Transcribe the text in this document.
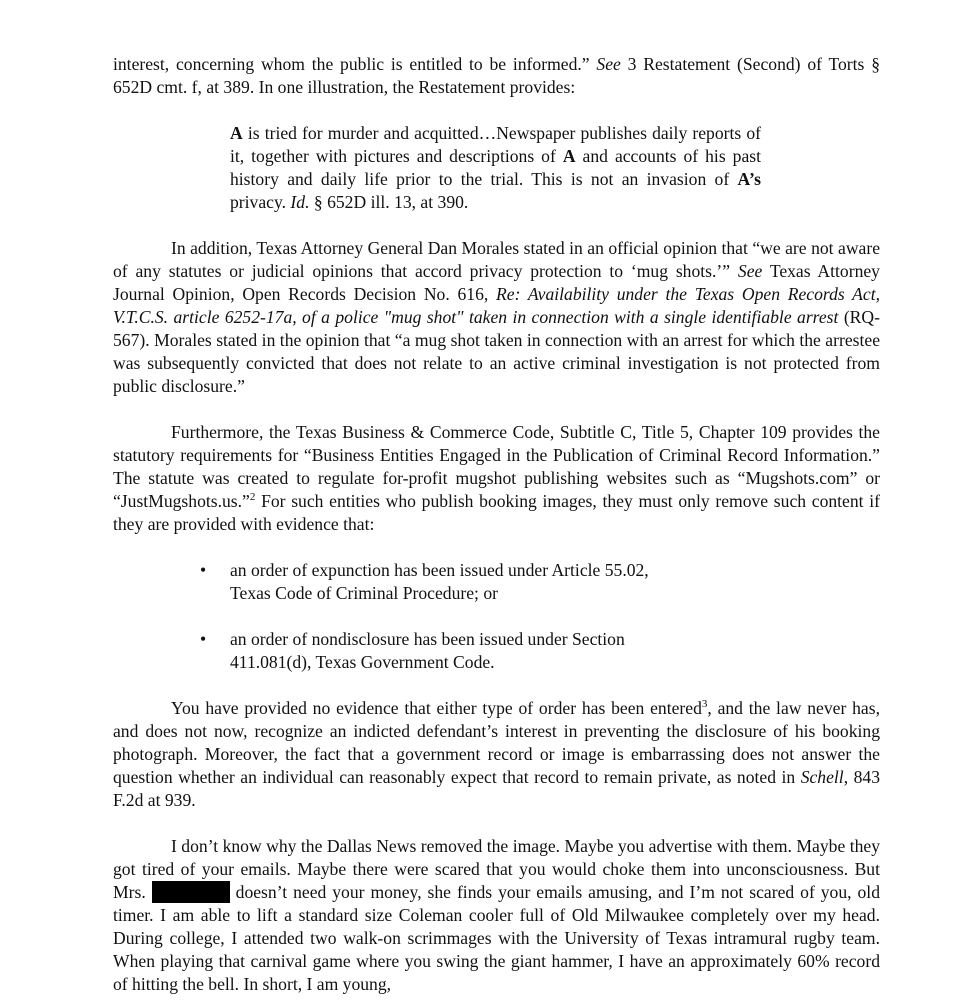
interest, concerning whom the public is entitled to be informed.” See 3 Restatement (Second) of Torts § 652D cmt. f, at 389. In one illustration, the Restatement provides:

A is tried for murder and acquitted…Newspaper publishes daily reports of it, together with pictures and descriptions of A and accounts of his past history and daily life prior to the trial. This is not an invasion of A’s privacy. Id. § 652D ill. 13, at 390.

In addition, Texas Attorney General Dan Morales stated in an official opinion that “we are not aware of any statutes or judicial opinions that accord privacy protection to ‘mug shots.’” See Texas Attorney Journal Opinion, Open Records Decision No. 616, Re: Availability under the Texas Open Records Act, V.T.C.S. article 6252-17a, of a police "mug shot" taken in connection with a single identifiable arrest (RQ-567). Morales stated in the opinion that “a mug shot taken in connection with an arrest for which the arrestee was subsequently convicted that does not relate to an active criminal investigation is not protected from public disclosure.”

Furthermore, the Texas Business & Commerce Code, Subtitle C, Title 5, Chapter 109 provides the statutory requirements for “Business Entities Engaged in the Publication of Criminal Record Information.” The statute was created to regulate for-profit mugshot publishing websites such as “Mugshots.com” or “JustMugshots.us.”$^2$ For such entities who publish booking images, they must only remove such content if they are provided with evidence that:

• an order of expunction has been issued under Article 55.02, Texas Code of Criminal Procedure; or
• an order of nondisclosure has been issued under Section 411.081(d), Texas Government Code.

You have provided no evidence that either type of order has been entered$^3$, and the law never has, and does not now, recognize an indicted defendant’s interest in preventing the disclosure of his booking photograph. Moreover, the fact that a government record or image is embarrassing does not answer the question whether an individual can reasonably expect that record to remain private, as noted in Schell, 843 F.2d at 939.

I don’t know why the Dallas News removed the image. Maybe you advertise with them. Maybe they got tired of your emails. Maybe there were scared that you would choke them into unconsciousness. But Mrs.	doesn’t need your money, she finds your emails amusing, and I’m not scared of you, old timer. I am able to lift a standard size Coleman cooler full of Old Milwaukee completely over my head. During college, I attended two walk-on scrimmages with the University of Texas intramural rugby team. When playing that carnival game where you swing the giant hammer, I have an approximately 60% record of hitting the bell. In short, I am young,
